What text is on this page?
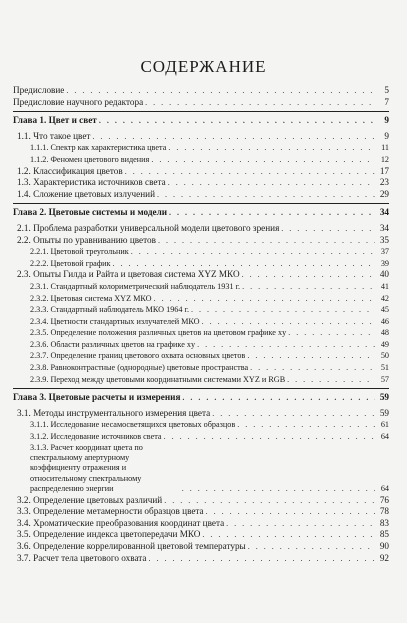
СОДЕРЖАНИЕ
Предисловие . . .	5
Предисловие научного редактора . . .	7
Глава 1. Цвет и свет . . .	9
1.1. Что такое цвет . . .	9
1.1.1. Спектр как характеристика цвета . . .	11
1.1.2. Феномен цветового видения . . .	12
1.2. Классификация цветов . . .	17
1.3. Характеристика источников света . . .	23
1.4. Сложение цветовых излучений . . .	29
Глава 2. Цветовые системы и модели . . .	34
2.1. Проблема разработки универсальной модели цветового зрения . . .	34
2.2. Опыты по уравниванию цветов . . .	35
2.2.1. Цветовой треугольник . . .	37
2.2.2. Цветовой график . . .	39
2.3. Опыты Гилда и Райта и цветовая система XYZ МКО . . .	40
2.3.1. Стандартный колориметрический наблюдатель 1931 г. . . .	41
2.3.2. Цветовая система XYZ МКО . . .	42
2.3.3. Стандартный наблюдатель МКО 1964 г. . . .	45
2.3.4. Цветности стандартных излучателей МКО . . .	46
2.3.5. Определение положения различных цветов на цветовом графике xy . . .	48
2.3.6. Области различных цветов на графике xy . . .	49
2.3.7. Определение границ цветового охвата основных цветов . . .	50
2.3.8. Равноконтрастные (однородные) цветовые пространства . . .	51
2.3.9. Переход между цветовыми координатными системами XYZ и RGB . . .	57
Глава 3. Цветовые расчеты и измерения . . .	59
3.1. Методы инструментального измерения цвета . . .	59
3.1.1. Исследование несамосветящихся цветовых образцов . . .	61
3.1.2. Исследование источников света . . .	64
3.1.3. Расчет координат цвета по спектральному апертурному коэффициенту отражения и относительному спектральному распределению энергии . . .	64
3.2. Определение цветовых различий . . .	76
3.3. Определение метамерности образцов цвета . . .	78
3.4. Хроматические преобразования координат цвета . . .	83
3.5. Определение индекса цветопередачи МКО . . .	85
3.6. Определение коррелированной цветовой температуры . . .	90
3.7. Расчет тела цветового охвата . . .	92
